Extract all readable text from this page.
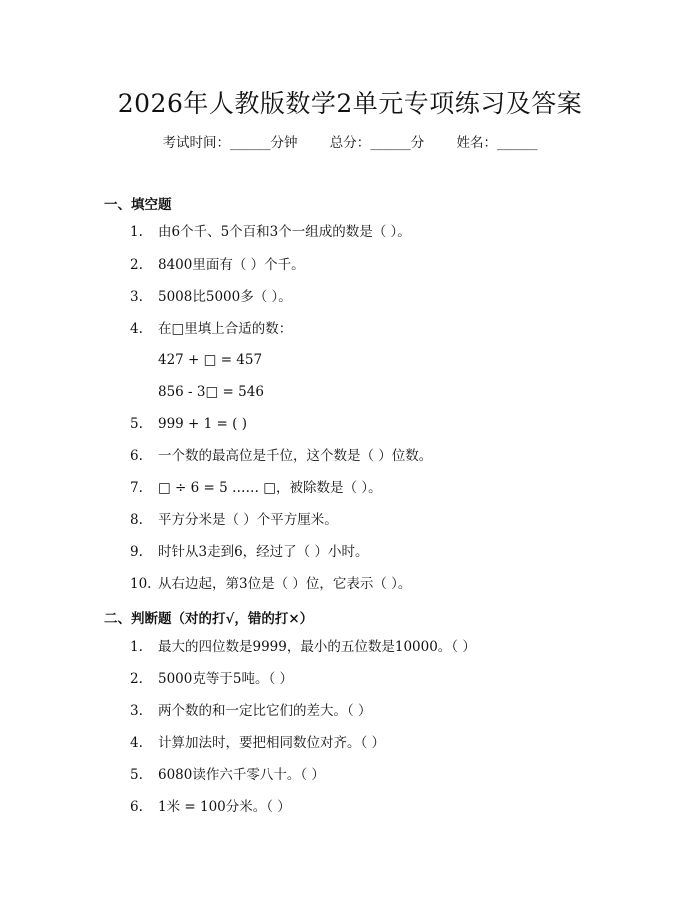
2026年人教版数学2单元专项练习及答案
考试时间：______分钟 总分：______分 姓名：______
一、填空题
1. 由6个千、5个百和3个一组成的数是（ ）。
2. 8400里面有（ ）个千。
3. 5008比5000多（ ）。
4. 在□里填上合适的数：
427 + □ = 457
856 - 3□ = 546
5. 999 + 1 = ( )
6. 一个数的最高位是千位，这个数是（ ）位数。
7. □ ÷ 6 = 5 …… □，被除数是（ ）。
8. 平方分米是（ ）个平方厘米。
9. 时针从3走到6，经过了（ ）小时。
10. 从右边起，第3位是（ ）位，它表示（ ）。
二、判断题（对的打√，错的打×）
1. 最大的四位数是9999，最小的五位数是10000。（ ）
2. 5000克等于5吨。（ ）
3. 两个数的和一定比它们的差大。（ ）
4. 计算加法时，要把相同数位对齐。（ ）
5. 6080读作六千零八十。（ ）
6. 1米 = 100分米。（ ）
